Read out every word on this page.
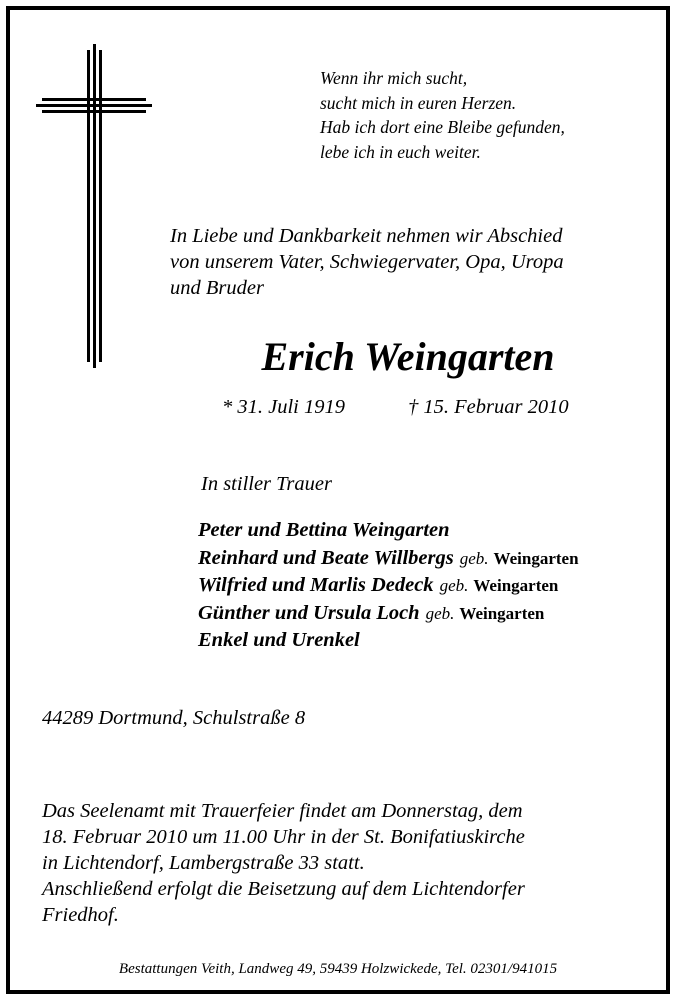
Wenn ihr mich sucht,
sucht mich in euren Herzen.
Hab ich dort eine Bleibe gefunden,
lebe ich in euch weiter.
In Liebe und Dankbarkeit nehmen wir Abschied
von unserem Vater, Schwiegervater, Opa, Uropa
und Bruder
Erich Weingarten
* 31. Juli 1919	† 15. Februar 2010
In stiller Trauer
Peter und Bettina Weingarten
Reinhard und Beate Willbergs geb. Weingarten
Wilfried und Marlis Dedeck geb. Weingarten
Günther und Ursula Loch geb. Weingarten
Enkel und Urenkel
44289 Dortmund, Schulstraße 8
Das Seelenamt mit Trauerfeier findet am Donnerstag, dem
18. Februar 2010 um 11.00 Uhr in der St. Bonifatiuskirche
in Lichtendorf, Lambergstraße 33 statt.
Anschließend erfolgt die Beisetzung auf dem Lichtendorfer
Friedhof.
Bestattungen Veith, Landweg 49, 59439 Holzwickede, Tel. 02301/941015
